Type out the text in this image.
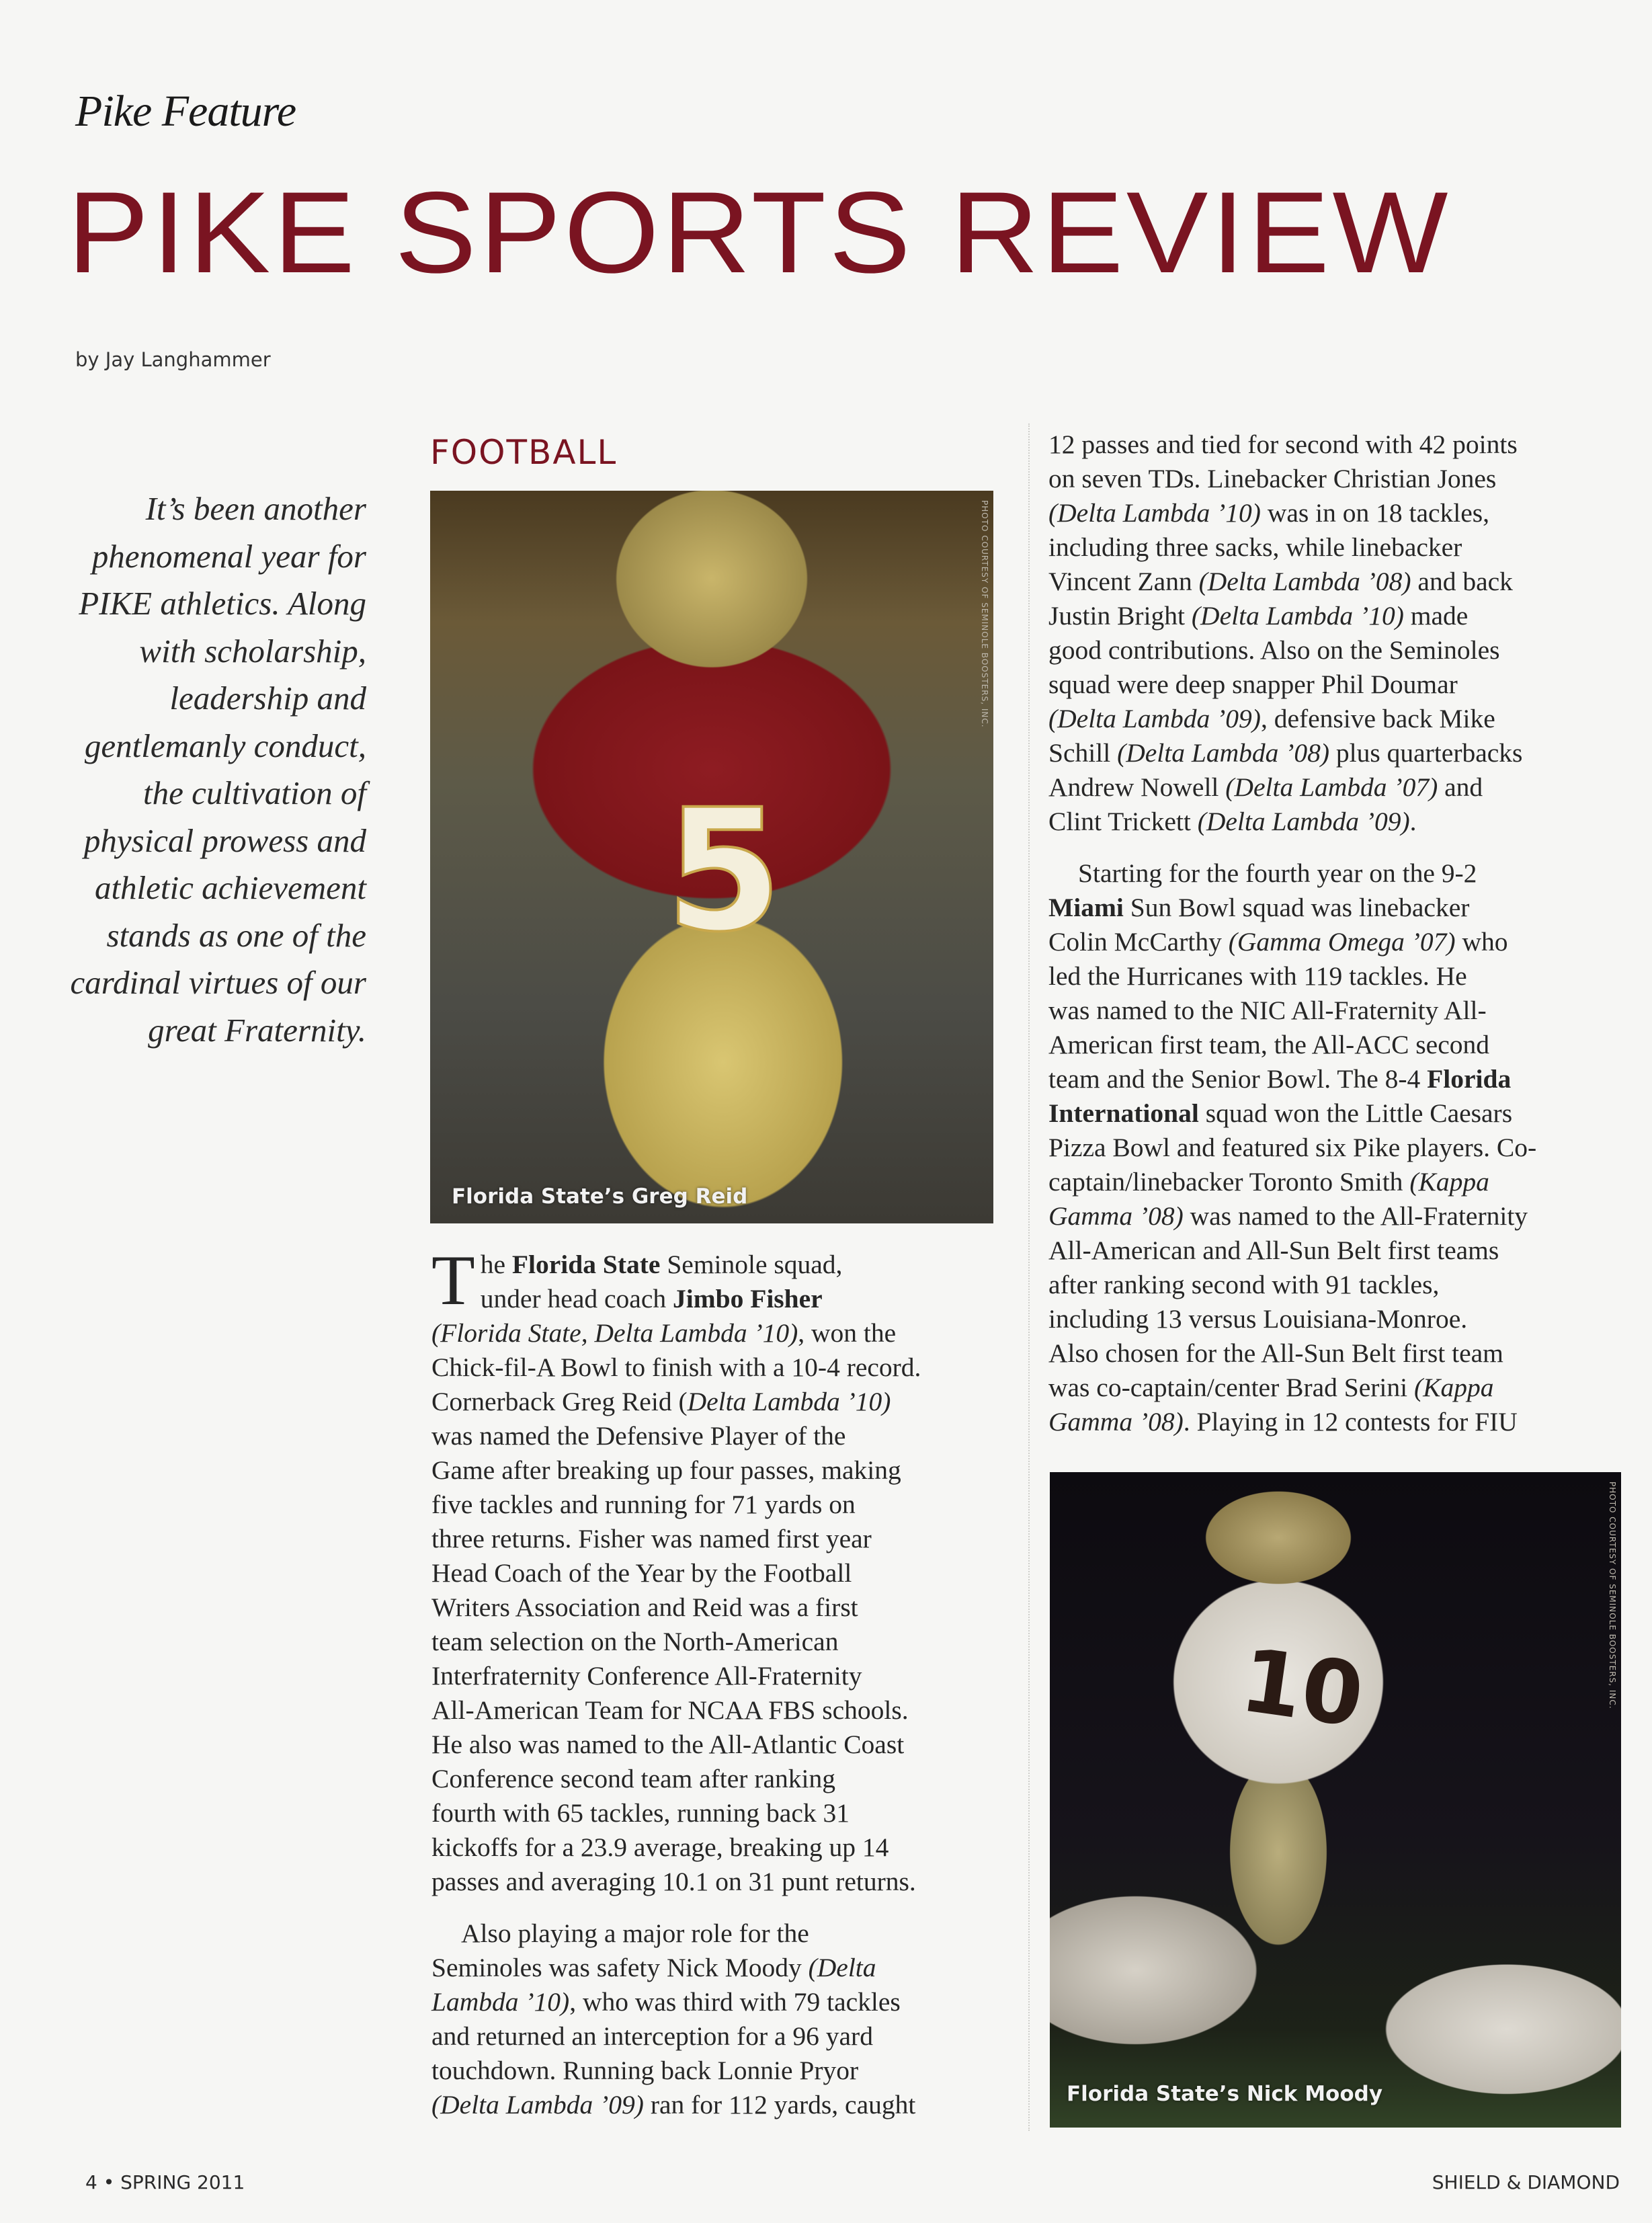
Pike Feature
PIKE SPORTS REVIEW
by Jay Langhammer
It’s been another
phenomenal year for
PIKE athletics. Along
with scholarship,
leadership and
gentlemanly conduct,
the cultivation of
physical prowess and
athletic achievement
stands as one of the
cardinal virtues of our
great Fraternity.
FOOTBALL
5
PHOTO COURTESY OF SEMINOLE BOOSTERS, INC.
Florida State’s Greg Reid

T he Florida State Seminole squad,
under head coach Jimbo Fisher
(Florida State, Delta Lambda ’10), won the
Chick-fil-A Bowl to finish with a 10-4 record.
Cornerback Greg Reid (Delta Lambda ’10)
was named the Defensive Player of the
Game after breaking up four passes, making
five tackles and running for 71 yards on
three returns. Fisher was named first year
Head Coach of the Year by the Football
Writers Association and Reid was a first
team selection on the North-American
Interfraternity Conference All-Fraternity
All-American Team for NCAA FBS schools.
He also was named to the All-Atlantic Coast
Conference second team after ranking
fourth with 65 tackles, running back 31
kickoffs for a 23.9 average, breaking up 14
passes and averaging 10.1 on 31 punt returns.

Also playing a major role for the
Seminoles was safety Nick Moody (Delta
Lambda ’10), who was third with 79 tackles
and returned an interception for a 96 yard
touchdown. Running back Lonnie Pryor
(Delta Lambda ’09) ran for 112 yards, caught

12 passes and tied for second with 42 points
on seven TDs. Linebacker Christian Jones
(Delta Lambda ’10) was in on 18 tackles,
including three sacks, while linebacker
Vincent Zann (Delta Lambda ’08) and back
Justin Bright (Delta Lambda ’10) made
good contributions. Also on the Seminoles
squad were deep snapper Phil Doumar
(Delta Lambda ’09), defensive back Mike
Schill (Delta Lambda ’08) plus quarterbacks
Andrew Nowell (Delta Lambda ’07) and
Clint Trickett (Delta Lambda ’09).

Starting for the fourth year on the 9-2
Miami Sun Bowl squad was linebacker
Colin McCarthy (Gamma Omega ’07) who
led the Hurricanes with 119 tackles. He
was named to the NIC All-Fraternity All-
American first team, the All-ACC second
team and the Senior Bowl. The 8-4 Florida
International squad won the Little Caesars
Pizza Bowl and featured six Pike players. Co-
captain/linebacker Toronto Smith (Kappa
Gamma ’08) was named to the All-Fraternity
All-American and All-Sun Belt first teams
after ranking second with 91 tackles,
including 13 versus Louisiana-Monroe.
Also chosen for the All-Sun Belt first team
was co-captain/center Brad Serini (Kappa
Gamma ’08). Playing in 12 contests for FIU

10	PHOTO COURTESY OF SEMINOLE BOOSTERS, INC.
Florida State’s Nick Moody
4 • SPRING 2011	SHIELD & DIAMOND
